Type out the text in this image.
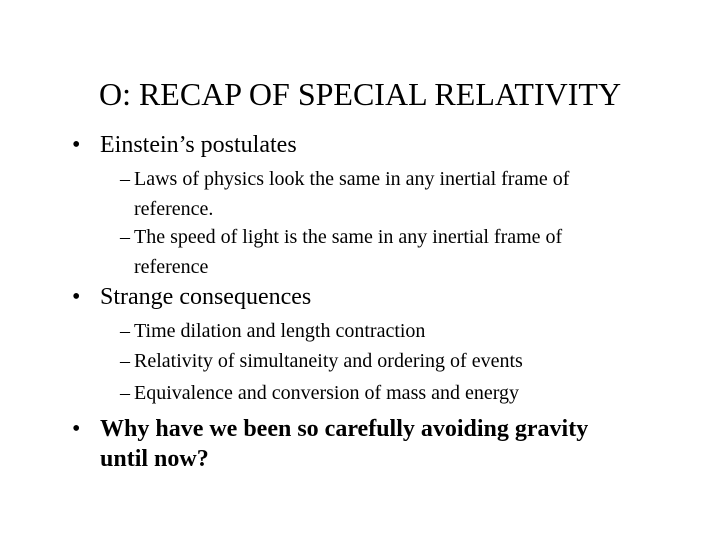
O: RECAP OF SPECIAL RELATIVITY
• Einstein’s postulates
– Laws of physics look the same in any inertial frame of
reference.
– The speed of light is the same in any inertial frame of
reference
• Strange consequences
– Time dilation and length contraction
– Relativity of simultaneity and ordering of events
– Equivalence and conversion of mass and energy
• Why have we been so carefully avoiding gravity
until now?
